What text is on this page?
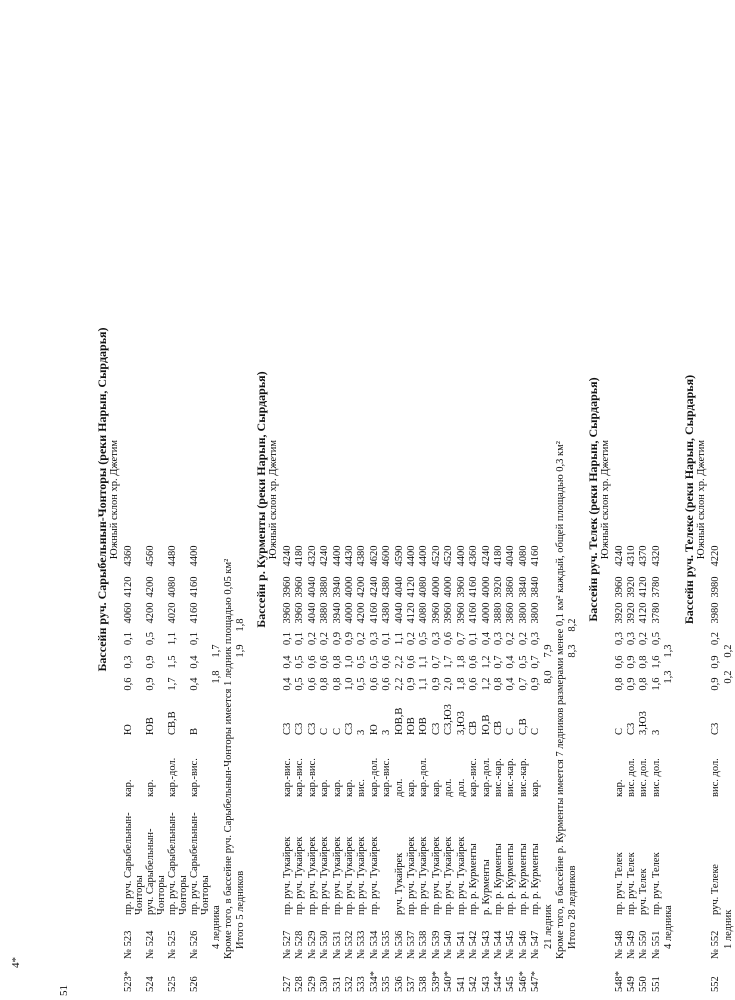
4*
51
Бассейн руч. Сарыбельнын-Чонторы (реки Нарын, Сырдарья) Южный склон хр. Джетим
523*
№ 523
пр. руч. Сарыбельнын-
Чонторы
кар.
Ю
0,6
0,3
0,1
4060
4120
4360
524
№ 524
руч. Сарыбельнын-
Чонторы
кар.
ЮВ
0,9
0,9
0,5
4200
4200
4560
525
№ 525
пр. руч. Сарыбельнын-
Чонторы
кар.-дол.
СВ,В
1,7
1,5
1,1
4020
4080
4480
526
№ 526
пр. руч. Сарыбельнын-
Чонторы
кар.-вис.
В
0,4
0,4
0,1
4160
4160
4400
4 ледника
1,8
1,7 Кроме того, в бассейне руч. Сарыбельнын-Чонторы имеется 1 ледник площадью 0,05 км² Итого 5 ледников
1,9
1,8 Бассейн р. Курменты (реки Нарын, Сырдарья) Южный склон хр. Джетим
527
№ 527
пр. руч. Тукайрек
кар.-вис.
С3
0,4
0,4
0,1
3960
3960
4240
528
№ 528
пр. руч. Тукайрек
кар.-вис.
С3
0,5
0,5
0,1
3960
3960
4180
529
№ 529
пр. руч. Тукайрек
кар.-вис.
С3
0,6
0,6
0,2
4040
4040
4320
530
№ 530
пр. руч. Тукайрек
кар.
С
0,8
0,6
0,2
3880
3880
4240
531
№ 531
пр. руч. Тукайрек
кар.
С
0,8
0,8
0,9
3940
3940
4400
532
№ 532
пр. руч. Тукайрек
кар.
С3
1,0
1,0
0,9
4000
4000
4430
533
№ 533
пр. руч. Тукайрек
вис.
3
0,5
0,5
0,2
4200
4200
4380
534*
№ 534
пр. руч. Тукайрек
кар.-дол.
Ю
0,6
0,5
0,3
4160
4240
4620
535
№ 535
кар.-вис.
3
0,6
0,6
0,1
4380
4380
4600
536
№ 536
руч. Тукайрек
дол.
ЮВ,В
2,2
2,2
1,1
4040
4040
4590
537
№ 537
пр. руч. Тукайрек
кар.
ЮВ
0,9
0,6
0,2
4120
4120
4400
538
№ 538
пр. руч. Тукайрек
кар.-дол.
ЮВ
1,1
1,1
0,5
4080
4080
4400
539*
№ 539
пр. руч. Тукайрек
кар.
С3
0,9
0,7
0,3
3960
4000
4520
540*
№ 540
пр. руч. Тукайрек
дол.
С3,Ю3
2,0
1,7
0,6
3960
4000
4520
541
№ 541
пр. руч. Тукайрек
дол.
3,Ю3
1,8
1,8
0,7
3960
3960
4400
542
№ 542
пр. р. Курменты
кар.-вис.
СВ
0,6
0,6
0,1
4160
4160
4360
543
№ 543
р. Курменты
кар.-дол.
Ю,В
1,2
1,2
0,4
4000
4000
4240
544*
№ 544
пр. р. Курменты
вис.-кар.
СВ
0,8
0,7
0,3
3880
3920
4180
545
№ 545
пр. р. Курменты
вис.-кар.
С
0,4
0,4
0,2
3860
3860
4040
546*
№ 546
пр. р. Курменты
вис.-кар.
С,В
0,7
0,5
0,2
3800
3840
4080
547*
№ 547
пр. р. Курменты
кар.
С
0,9
0,7
0,3
3800
3840
4160
21 ледник
8,0
7,9 Кроме того, в бассейне р. Курменты имеется 7 ледников размерами менее 0,1 км² каждый, общей площадью 0,3 км² Итого 28 ледников
8,3
8,2
Бассейн руч. Телек (реки Нарын, Сырдарья) Южный склон хр. Джетим
548*
№ 548
пр. руч. Телек
кар.
С
0,8
0,6
0,3
3920
3960
4240
549
№ 549
пр. руч. Телек
вис. дол.
С3
0,9
0,9
0,3
3920
3920
4310
550
№ 550
руч. Телек
вис. дол.
3,Ю3
0,8
0,8
0,2
4120
4120
4370
551
№ 551
пр. руч. Телек
вис. дол.
3
1,6
1,6
0,5
3780
3780
4320
4 ледника
1,3
1,3
Бассейн руч. Телеке (реки Нарын, Сырдарья) Южный склон хр. Джетим
552
№ 552
руч. Телеке
вис. дол.
С3
0,9
0,9
0,2
3980
3980
4220
1 ледник
0,2
0,2
